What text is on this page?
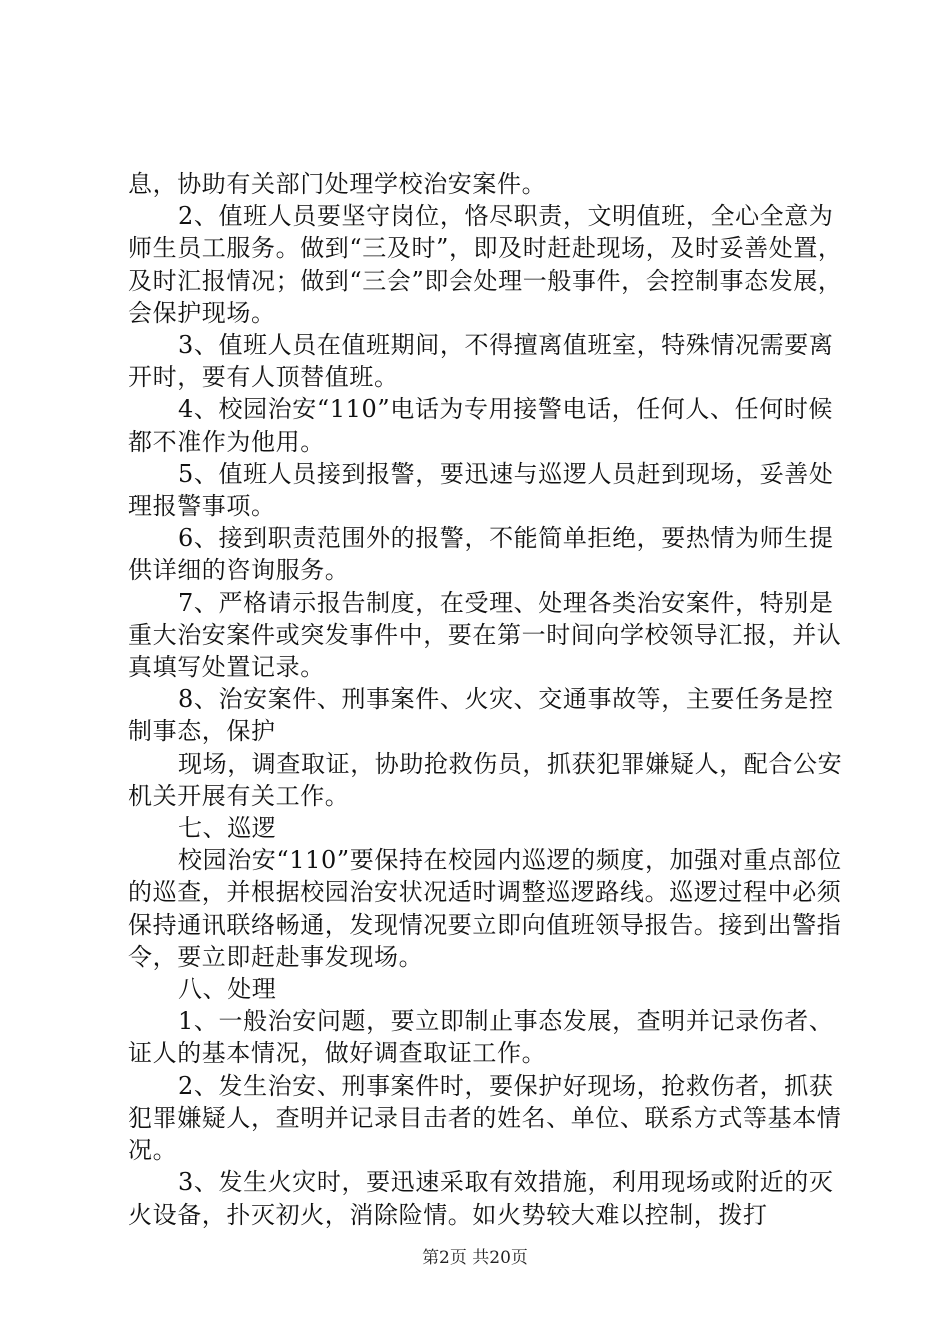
息，协助有关部门处理学校治安案件。

2、值班人员要坚守岗位，恪尽职责，文明值班，全心全意为师生员工服务。做到“三及时”，即及时赶赴现场，及时妥善处置，及时汇报情况；做到“三会”即会处理一般事件，会控制事态发展，会保护现场。

3、值班人员在值班期间，不得擅离值班室，特殊情况需要离开时，要有人顶替值班。

4、校园治安“110”电话为专用接警电话，任何人、任何时候都不准作为他用。

5、值班人员接到报警，要迅速与巡逻人员赶到现场，妥善处理报警事项。

6、接到职责范围外的报警，不能简单拒绝，要热情为师生提供详细的咨询服务。

7、严格请示报告制度，在受理、处理各类治安案件，特别是重大治安案件或突发事件中，要在第一时间向学校领导汇报，并认真填写处置记录。

8、治安案件、刑事案件、火灾、交通事故等，主要任务是控制事态，保护

现场，调查取证，协助抢救伤员，抓获犯罪嫌疑人，配合公安机关开展有关工作。

七、巡逻

校园治安“110”要保持在校园内巡逻的频度，加强对重点部位的巡查，并根据校园治安状况适时调整巡逻路线。巡逻过程中必须保持通讯联络畅通，发现情况要立即向值班领导报告。接到出警指令，要立即赶赴事发现场。

八、处理

1、一般治安问题，要立即制止事态发展，查明并记录伤者、证人的基本情况，做好调查取证工作。

2、发生治安、刑事案件时，要保护好现场，抢救伤者，抓获犯罪嫌疑人，查明并记录目击者的姓名、单位、联系方式等基本情况。

3、发生火灾时，要迅速采取有效措施，利用现场或附近的灭火设备，扑灭初火，消除险情。如火势较大难以控制，拨打

第2页 共20页
